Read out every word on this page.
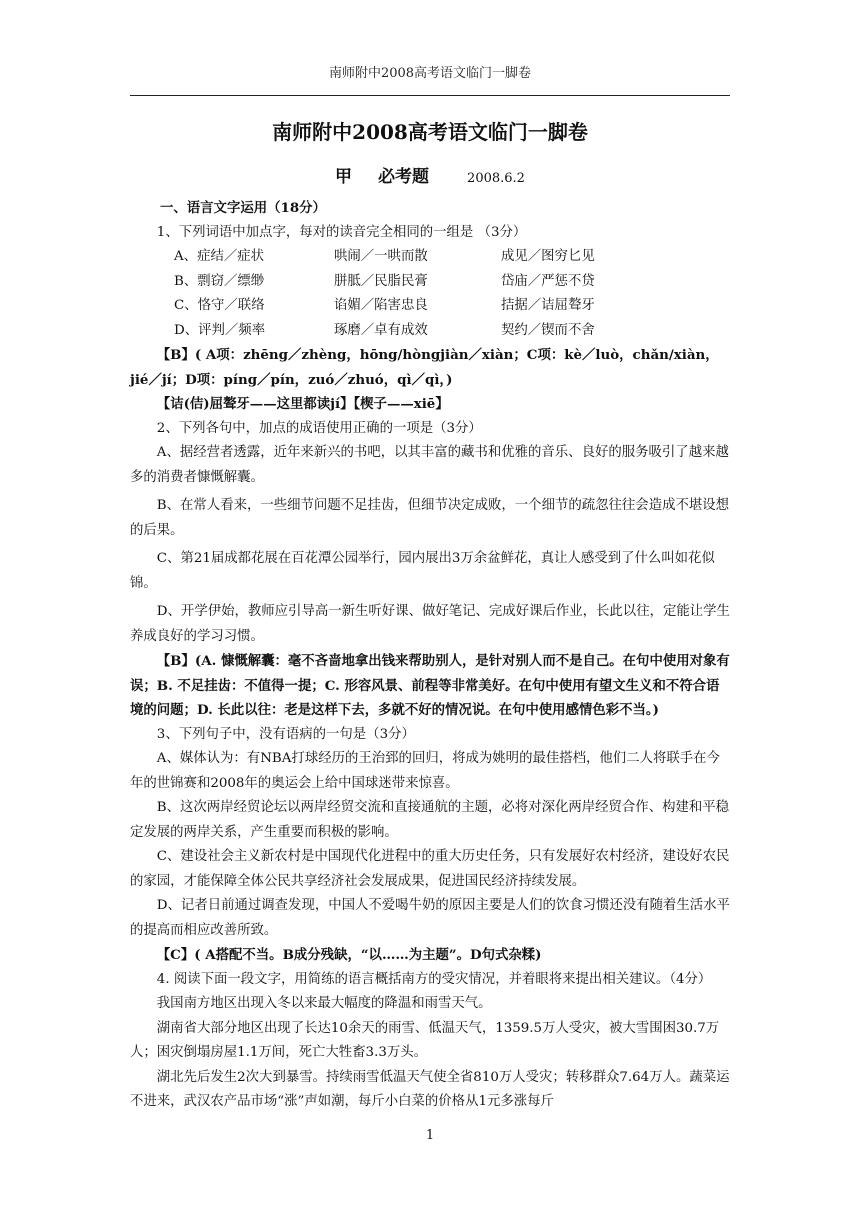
南师附中2008高考语文临门一脚卷
南师附中2008高考语文临门一脚卷
甲 必考题	2008.6.2

一、语言文字运用（18分）

1、下列词语中加点字，每对的读音完全相同的一组是 （3分）

A、症结／症状	哄闹／一哄而散	成见／图穷匕见
B、剽窃／缥缈	胼胝／民脂民膏	岱庙／严惩不贷
C、恪守／联络	谄媚／陷害忠良	拮据／诘屈聱牙
D、评判／频率	琢磨／卓有成效	契约／锲而不舍

【B】( A项：zhēng／zhèng，hōng/hòngjiàn／xiàn；C项：kè／luò，chǎn/xiàn，jié／jí；D项：píng／pín，zuó／zhuó，qì／qì，)

【诘(佶)屈聱牙——这里都读jí】【楔子——xiē】

2、下列各句中，加点的成语使用正确的一项是（3分）

A、据经营者透露，近年来新兴的书吧，以其丰富的藏书和优雅的音乐、良好的服务吸引了越来越多的消费者慷慨解囊。

B、在常人看来，一些细节问题不足挂齿，但细节决定成败，一个细节的疏忽往往会造成不堪设想的后果。

C、第21届成都花展在百花潭公园举行，园内展出3万余盆鲜花，真让人感受到了什么叫如花似锦。

D、开学伊始，教师应引导高一新生听好课、做好笔记、完成好课后作业，长此以往，定能让学生养成良好的学习习惯。

【B】(A. 慷慨解囊：毫不吝啬地拿出钱来帮助别人，是针对别人而不是自己。在句中使用对象有误；B. 不足挂齿：不值得一提；C. 形容风景、前程等非常美好。在句中使用有望文生义和不符合语境的问题；D. 长此以往：老是这样下去，多就不好的情况说。在句中使用感情色彩不当。)

3、下列句子中，没有语病的一句是（3分）

A、媒体认为：有NBA打球经历的王治郅的回归，将成为姚明的最佳搭档，他们二人将联手在今年的世锦赛和2008年的奥运会上给中国球迷带来惊喜。

B、这次两岸经贸论坛以两岸经贸交流和直接通航的主题，必将对深化两岸经贸合作、构建和平稳定发展的两岸关系，产生重要而积极的影响。

C、建设社会主义新农村是中国现代化进程中的重大历史任务，只有发展好农村经济，建设好农民的家园，才能保障全体公民共享经济社会发展成果，促进国民经济持续发展。

D、记者日前通过调查发现，中国人不爱喝牛奶的原因主要是人们的饮食习惯还没有随着生活水平的提高而相应改善所致。

【C】( A搭配不当。B成分残缺，“以……为主题”。D句式杂糅)

4. 阅读下面一段文字，用简练的语言概括南方的受灾情况，并着眼将来提出相关建议。（4分）

我国南方地区出现入冬以来最大幅度的降温和雨雪天气。

湖南省大部分地区出现了长达10余天的雨雪、低温天气，1359.5万人受灾，被大雪围困30.7万人；困灾倒塌房屋1.1万间，死亡大牲畜3.3万头。

湖北先后发生2次大到暴雪。持续雨雪低温天气使全省810万人受灾；转移群众7.64万人。蔬菜运不进来，武汉农产品市场“涨”声如潮，每斤小白菜的价格从1元多涨每斤

1
